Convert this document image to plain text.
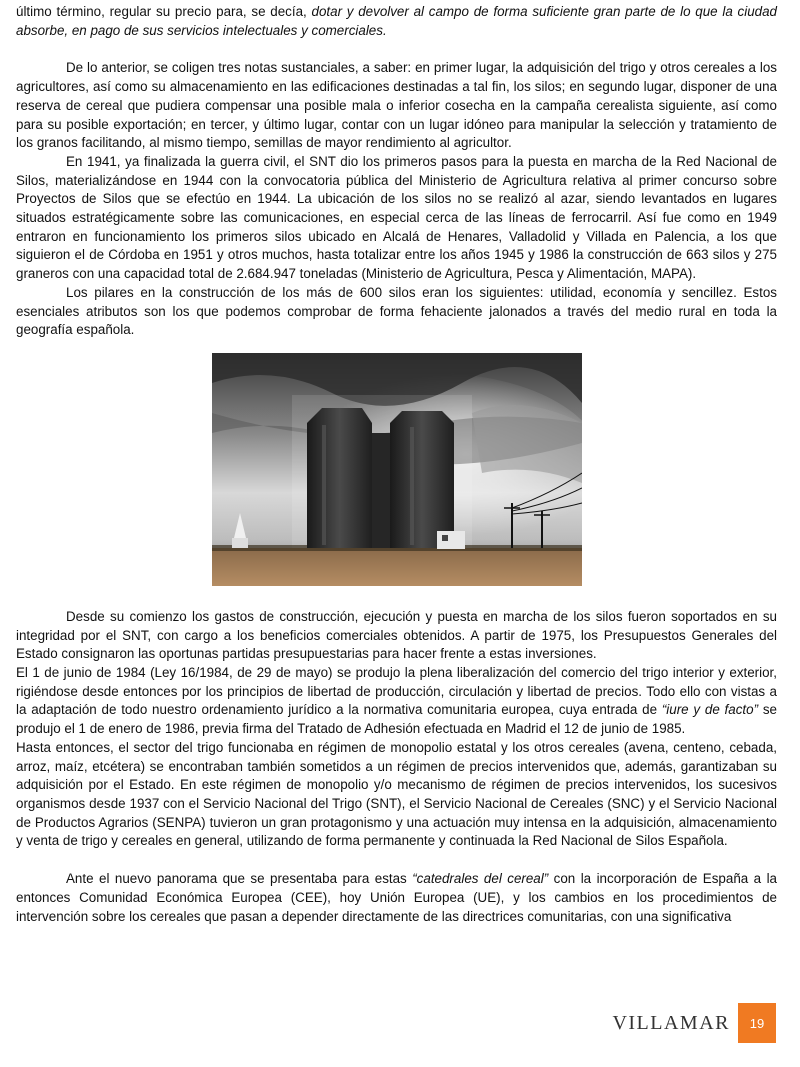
último término, regular su precio para, se decía, dotar y devolver al campo de forma suficiente gran parte de lo que la ciudad absorbe, en pago de sus servicios intelectuales y comerciales.

De lo anterior, se coligen tres notas sustanciales, a saber: en primer lugar, la adquisición del trigo y otros cereales a los agricultores, así como su almacenamiento en las edificaciones destinadas a tal fin, los silos; en segundo lugar, disponer de una reserva de cereal que pudiera compensar una posible mala o inferior cosecha en la campaña cerealista siguiente, así como para su posible exportación; en tercer, y último lugar, contar con un lugar idóneo para manipular la selección y tratamiento de los granos facilitando, al mismo tiempo, semillas de mayor rendimiento al agricultor.

En 1941, ya finalizada la guerra civil, el SNT dio los primeros pasos para la puesta en marcha de la Red Nacional de Silos, materializándose en 1944 con la convocatoria pública del Ministerio de Agricultura relativa al primer concurso sobre Proyectos de Silos que se efectúo en 1944. La ubicación de los silos no se realizó al azar, siendo levantados en lugares situados estratégicamente sobre las comunicaciones, en especial cerca de las líneas de ferrocarril. Así fue como en 1949 entraron en funcionamiento los primeros silos ubicado en Alcalá de Henares, Valladolid y Villada en Palencia, a los que siguieron el de Córdoba en 1951 y otros muchos, hasta totalizar entre los años 1945 y 1986 la construcción de 663 silos y 275 graneros con una capacidad total de 2.684.947 toneladas (Ministerio de Agricultura, Pesca y Alimentación, MAPA).

Los pilares en la construcción de los más de 600 silos eran los siguientes: utilidad, economía y sencillez. Estos esenciales atributos son los que podemos comprobar de forma fehaciente jalonados a través del medio rural en toda la geografía española.

Desde su comienzo los gastos de construcción, ejecución y puesta en marcha de los silos fueron soportados en su integridad por el SNT, con cargo a los beneficios comerciales obtenidos. A partir de 1975, los Presupuestos Generales del Estado consignaron las oportunas partidas presupuestarias para hacer frente a estas inversiones.

El 1 de junio de 1984 (Ley 16/1984, de 29 de mayo) se produjo la plena liberalización del comercio del trigo interior y exterior, rigiéndose desde entonces por los principios de libertad de producción, circulación y libertad de precios. Todo ello con vistas a la adaptación de todo nuestro ordenamiento jurídico a la normativa comunitaria europea, cuya entrada de “iure y de facto” se produjo el 1 de enero de 1986, previa firma del Tratado de Adhesión efectuada en Madrid el 12 de junio de 1985.

Hasta entonces, el sector del trigo funcionaba en régimen de monopolio estatal y los otros cereales (avena, centeno, cebada, arroz, maíz, etcétera) se encontraban también sometidos a un régimen de precios intervenidos que, además, garantizaban su adquisición por el Estado. En este régimen de monopolio y/o mecanismo de régimen de precios intervenidos, los sucesivos organismos desde 1937 con el Servicio Nacional del Trigo (SNT), el Servicio Nacional de Cereales (SNC) y el Servicio Nacional de Productos Agrarios (SENPA) tuvieron un gran protagonismo y una actuación muy intensa en la adquisición, almacenamiento y venta de trigo y cereales en general, utilizando de forma permanente y continuada la Red Nacional de Silos Española.

Ante el nuevo panorama que se presentaba para estas “catedrales del cereal” con la incorporación de España a la entonces Comunidad Económica Europea (CEE), hoy Unión Europea (UE), y los cambios en los procedimientos de intervención sobre los cereales que pasan a depender directamente de las directrices comunitarias, con una significativa

VILLAMAR	19
